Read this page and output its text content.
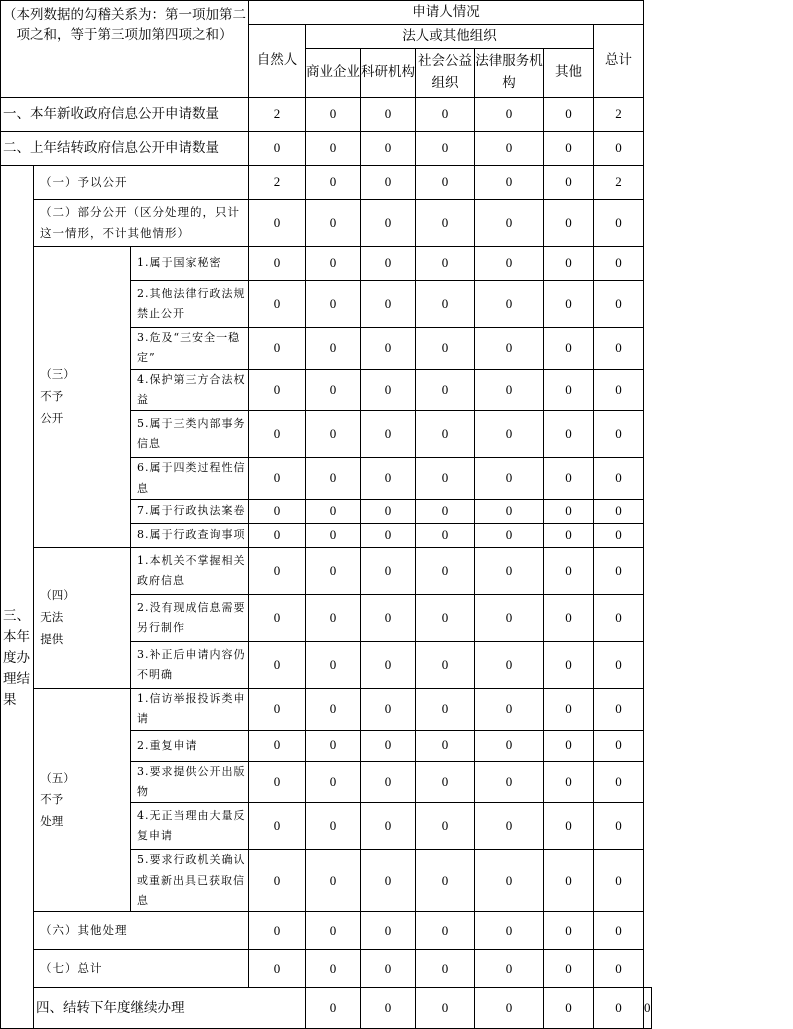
（本列数据的勾稽关系为：第一项加第二项之和，等于第三项加第四项之和）				申请人情况							
				自然人	法人或其他组织					总计	
					商业企业	科研机构	社会公益组织	法律服务机构	其他		
一、本年新收政府信息公开申请数量				2	0	0	0	0	0	2	
二、上年结转政府信息公开申请数量				0	0	0	0	0	0	0	
三、本年度办理结果	（一）予以公开			2	0	0	0	0	0	2	
	（二）部分公开（区分处理的，只计这一情形，不计其他情形）			0	0	0	0	0	0	0	
	（三）不予公开		1.属于国家秘密	0	0	0	0	0	0	0	
			2.其他法律行政法规禁止公开	0	0	0	0	0	0	0	
			3.危及“三安全一稳定”	0	0	0	0	0	0	0	
			4.保护第三方合法权益	0	0	0	0	0	0	0	
			5.属于三类内部事务信息	0	0	0	0	0	0	0	
			6.属于四类过程性信息	0	0	0	0	0	0	0	
			7.属于行政执法案卷	0	0	0	0	0	0	0	
			8.属于行政查询事项	0	0	0	0	0	0	0	
	（四）无法提供		1.本机关不掌握相关政府信息	0	0	0	0	0	0	0	
			2.没有现成信息需要另行制作	0	0	0	0	0	0	0	
			3.补正后申请内容仍不明确	0	0	0	0	0	0	0	
	（五）不予处理		1.信访举报投诉类申请	0	0	0	0	0	0	0	
			2.重复申请	0	0	0	0	0	0	0	
			3.要求提供公开出版物	0	0	0	0	0	0	0	
			4.无正当理由大量反复申请	0	0	0	0	0	0	0	
			5.要求行政机关确认或重新出具已获取信息	0	0	0	0	0	0	0	
	（六）其他处理			0	0	0	0	0	0	0	
	（七）总计			0	0	0	0	0	0	0	
	四、结转下年度继续办理				0	0	0	0	0	0	0
